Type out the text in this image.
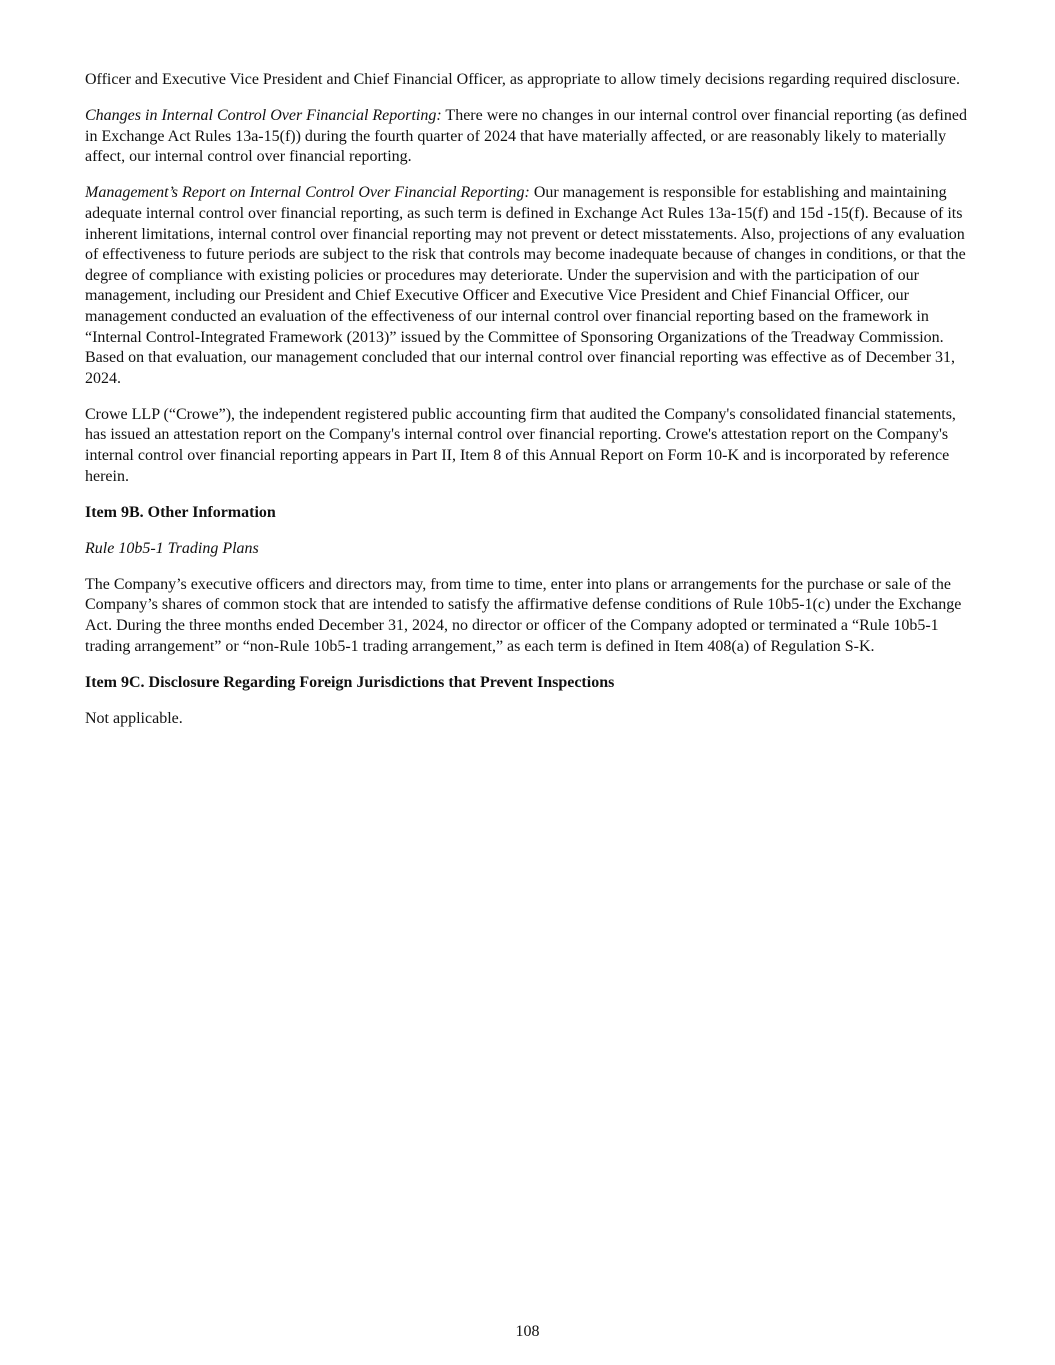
Officer and Executive Vice President and Chief Financial Officer, as appropriate to allow timely decisions regarding required disclosure.

Changes in Internal Control Over Financial Reporting: There were no changes in our internal control over financial reporting (as defined in Exchange Act Rules 13a-15(f)) during the fourth quarter of 2024 that have materially affected, or are reasonably likely to materially affect, our internal control over financial reporting.

Management’s Report on Internal Control Over Financial Reporting: Our management is responsible for establishing and maintaining adequate internal control over financial reporting, as such term is defined in Exchange Act Rules 13a-15(f) and 15d -15(f). Because of its inherent limitations, internal control over financial reporting may not prevent or detect misstatements. Also, projections of any evaluation of effectiveness to future periods are subject to the risk that controls may become inadequate because of changes in conditions, or that the degree of compliance with existing policies or procedures may deteriorate. Under the supervision and with the participation of our management, including our President and Chief Executive Officer and Executive Vice President and Chief Financial Officer, our management conducted an evaluation of the effectiveness of our internal control over financial reporting based on the framework in “Internal Control-Integrated Framework (2013)” issued by the Committee of Sponsoring Organizations of the Treadway Commission. Based on that evaluation, our management concluded that our internal control over financial reporting was effective as of December 31, 2024.

Crowe LLP (“Crowe”), the independent registered public accounting firm that audited the Company's consolidated financial statements, has issued an attestation report on the Company's internal control over financial reporting. Crowe's attestation report on the Company's internal control over financial reporting appears in Part II, Item 8 of this Annual Report on Form 10-K and is incorporated by reference herein.

Item 9B. Other Information

Rule 10b5-1 Trading Plans

The Company’s executive officers and directors may, from time to time, enter into plans or arrangements for the purchase or sale of the Company’s shares of common stock that are intended to satisfy the affirmative defense conditions of Rule 10b5-1(c) under the Exchange Act. During the three months ended December 31, 2024, no director or officer of the Company adopted or terminated a “Rule 10b5-1 trading arrangement” or “non-Rule 10b5-1 trading arrangement,” as each term is defined in Item 408(a) of Regulation S-K.

Item 9C. Disclosure Regarding Foreign Jurisdictions that Prevent Inspections

Not applicable.

108
